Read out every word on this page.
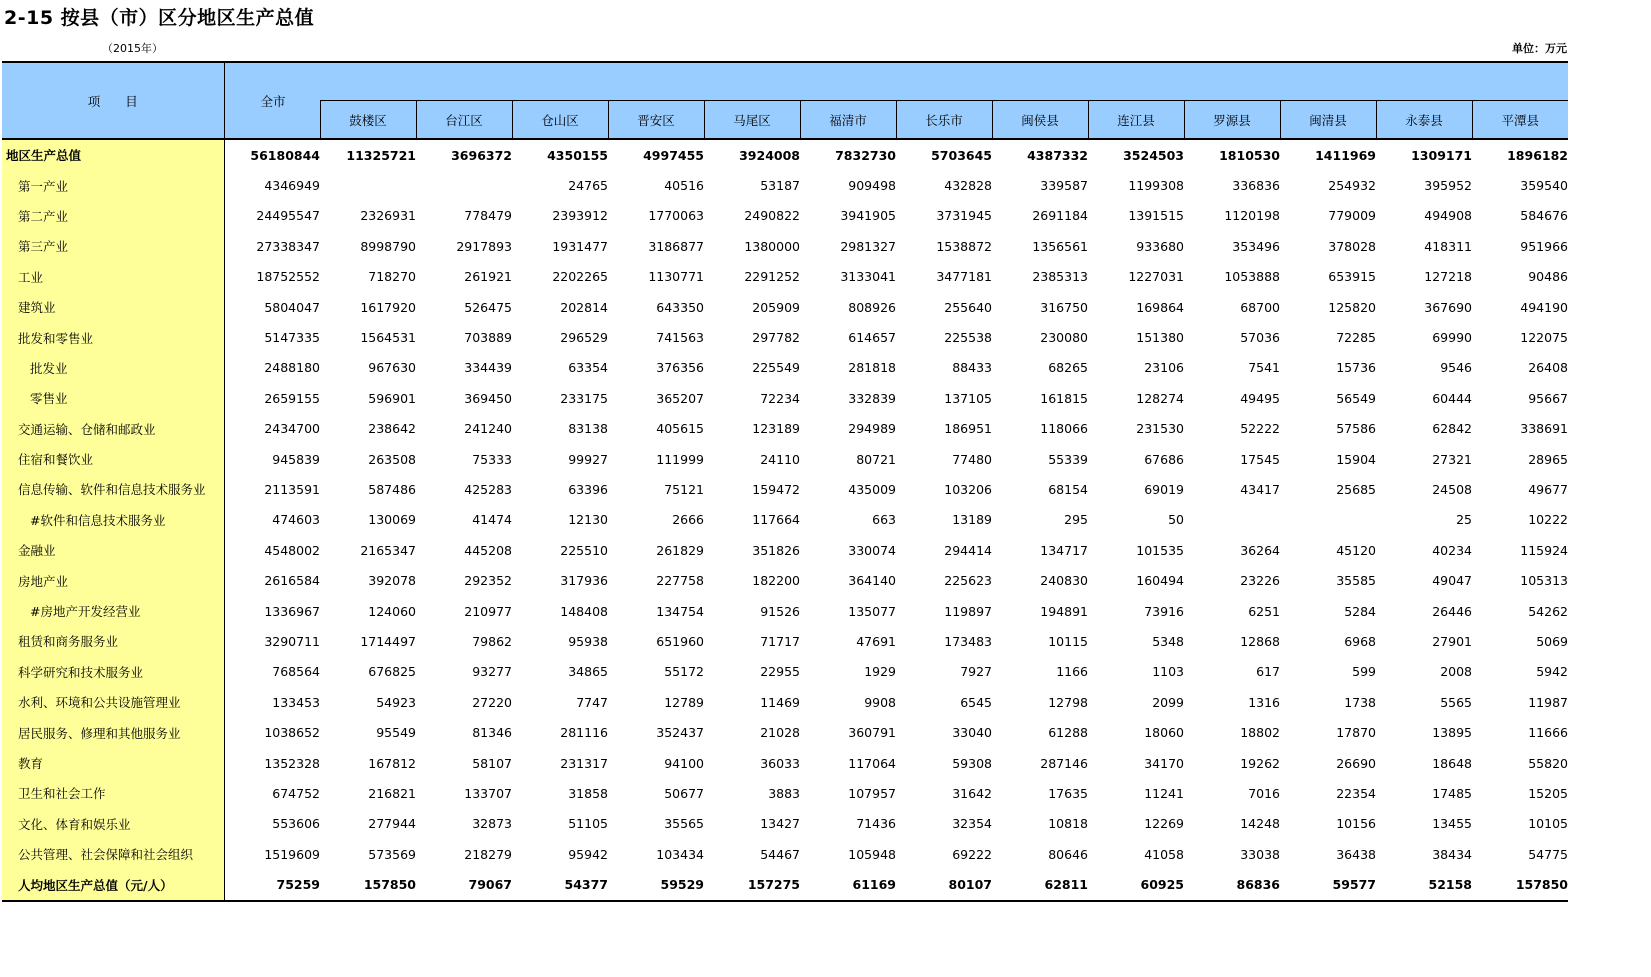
2-15 按县（市）区分地区生产总值
（2015年）	单位：万元
项　　目	全市													
		鼓楼区	台江区	仓山区	晋安区	马尾区	福清市	长乐市	闽侯县	连江县	罗源县	闽清县	永泰县	平潭县
地区生产总值	56180844	11325721	3696372	4350155	4997455	3924008	7832730	5703645	4387332	3524503	1810530	1411969	1309171	1896182
第一产业	4346949			24765	40516	53187	909498	432828	339587	1199308	336836	254932	395952	359540
第二产业	24495547	2326931	778479	2393912	1770063	2490822	3941905	3731945	2691184	1391515	1120198	779009	494908	584676
第三产业	27338347	8998790	2917893	1931477	3186877	1380000	2981327	1538872	1356561	933680	353496	378028	418311	951966
工业	18752552	718270	261921	2202265	1130771	2291252	3133041	3477181	2385313	1227031	1053888	653915	127218	90486
建筑业	5804047	1617920	526475	202814	643350	205909	808926	255640	316750	169864	68700	125820	367690	494190
批发和零售业	5147335	1564531	703889	296529	741563	297782	614657	225538	230080	151380	57036	72285	69990	122075
批发业	2488180	967630	334439	63354	376356	225549	281818	88433	68265	23106	7541	15736	9546	26408
零售业	2659155	596901	369450	233175	365207	72234	332839	137105	161815	128274	49495	56549	60444	95667
交通运输、仓储和邮政业	2434700	238642	241240	83138	405615	123189	294989	186951	118066	231530	52222	57586	62842	338691
住宿和餐饮业	945839	263508	75333	99927	111999	24110	80721	77480	55339	67686	17545	15904	27321	28965
信息传输、软件和信息技术服务业	2113591	587486	425283	63396	75121	159472	435009	103206	68154	69019	43417	25685	24508	49677
#软件和信息技术服务业	474603	130069	41474	12130	2666	117664	663	13189	295	50			25	10222
金融业	4548002	2165347	445208	225510	261829	351826	330074	294414	134717	101535	36264	45120	40234	115924
房地产业	2616584	392078	292352	317936	227758	182200	364140	225623	240830	160494	23226	35585	49047	105313
#房地产开发经营业	1336967	124060	210977	148408	134754	91526	135077	119897	194891	73916	6251	5284	26446	54262
租赁和商务服务业	3290711	1714497	79862	95938	651960	71717	47691	173483	10115	5348	12868	6968	27901	5069
科学研究和技术服务业	768564	676825	93277	34865	55172	22955	1929	7927	1166	1103	617	599	2008	5942
水利、环境和公共设施管理业	133453	54923	27220	7747	12789	11469	9908	6545	12798	2099	1316	1738	5565	11987
居民服务、修理和其他服务业	1038652	95549	81346	281116	352437	21028	360791	33040	61288	18060	18802	17870	13895	11666
教育	1352328	167812	58107	231317	94100	36033	117064	59308	287146	34170	19262	26690	18648	55820
卫生和社会工作	674752	216821	133707	31858	50677	3883	107957	31642	17635	11241	7016	22354	17485	15205
文化、体育和娱乐业	553606	277944	32873	51105	35565	13427	71436	32354	10818	12269	14248	10156	13455	10105
公共管理、社会保障和社会组织	1519609	573569	218279	95942	103434	54467	105948	69222	80646	41058	33038	36438	38434	54775
人均地区生产总值（元/人）	75259	157850	79067	54377	59529	157275	61169	80107	62811	60925	86836	59577	52158	157850
